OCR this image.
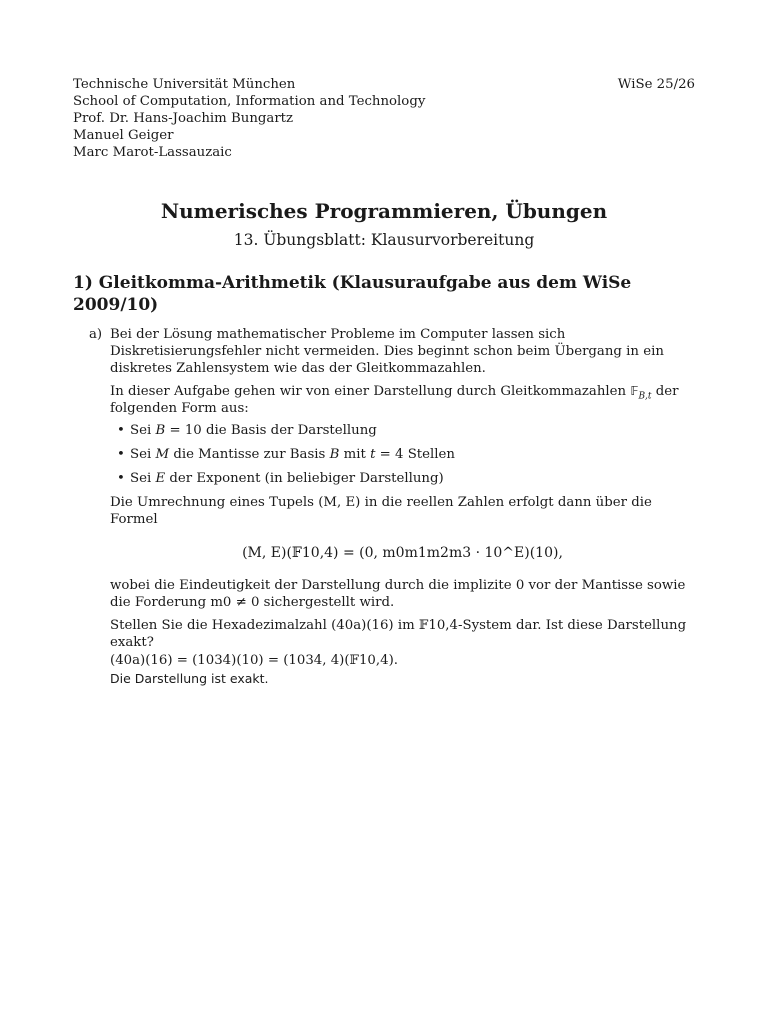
Technische Universität München
School of Computation, Information and Technology
Prof. Dr. Hans-Joachim Bungartz
Manuel Geiger
Marc Marot-Lassauzaic
WiSe 25/26
Numerisches Programmieren, Übungen
13. Übungsblatt: Klausurvorbereitung
1) Gleitkomma-Arithmetik (Klausuraufgabe aus dem WiSe 2009/10)
a) Bei der Lösung mathematischer Probleme im Computer lassen sich Diskretisierungsfehler nicht vermeiden. Dies beginnt schon beim Übergang in ein diskretes Zahlensystem wie das der Gleitkommazahlen.

In dieser Aufgabe gehen wir von einer Darstellung durch Gleitkommazahlen 𝔽$_{B,t}$ der folgenden Form aus:

• Sei B = 10 die Basis der Darstellung
• Sei M die Mantisse zur Basis B mit t = 4 Stellen
• Sei E der Exponent (in beliebiger Darstellung)

Die Umrechnung eines Tupels (M, E) in die reellen Zahlen erfolgt dann über die Formel

(M, E)(𝔽10,4) = (0, m0m1m2m3 · 10^E)(10),

wobei die Eindeutigkeit der Darstellung durch die implizite 0 vor der Mantisse sowie die Forderung m0 ≠ 0 sichergestellt wird.

Stellen Sie die Hexadezimalzahl (40a)(16) im 𝔽10,4-System dar. Ist diese Darstellung exakt?

(40a)(16) = (1034)(10) = (1034, 4)(𝔽10,4).

Die Darstellung ist exakt.
